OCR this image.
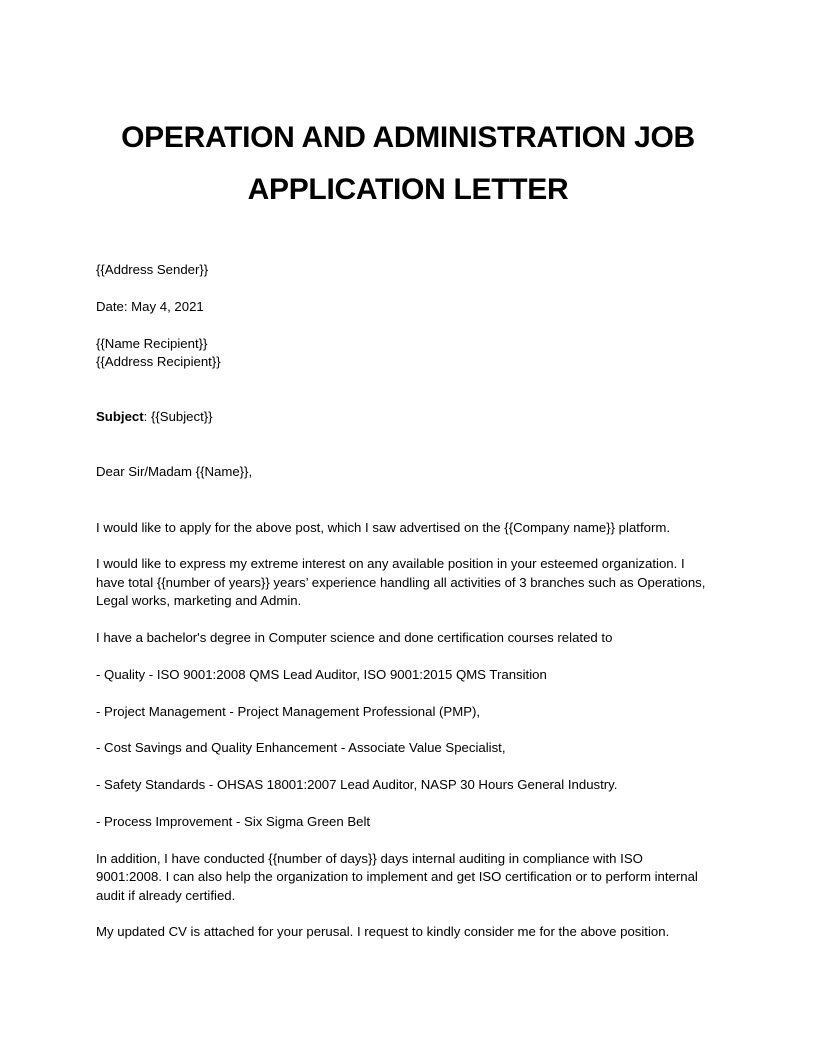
OPERATION AND ADMINISTRATION JOB
APPLICATION LETTER

{{Address Sender}}

Date: May 4, 2021

{{Name Recipient}}
{{Address Recipient}}

Subject: {{Subject}}

Dear Sir/Madam {{Name}},

I would like to apply for the above post, which I saw advertised on the {{Company name}} platform.

I would like to express my extreme interest on any available position in your esteemed organization. I
have total {{number of years}} years’ experience handling all activities of 3 branches such as Operations,
Legal works, marketing and Admin.

I have a bachelor's degree in Computer science and done certification courses related to

- Quality - ISO 9001:2008 QMS Lead Auditor, ISO 9001:2015 QMS Transition

- Project Management - Project Management Professional (PMP),

- Cost Savings and Quality Enhancement - Associate Value Specialist,

- Safety Standards - OHSAS 18001:2007 Lead Auditor, NASP 30 Hours General Industry.

- Process Improvement - Six Sigma Green Belt

In addition, I have conducted {{number of days}} days internal auditing in compliance with ISO
9001:2008. I can also help the organization to implement and get ISO certification or to perform internal
audit if already certified.

My updated CV is attached for your perusal. I request to kindly consider me for the above position.
